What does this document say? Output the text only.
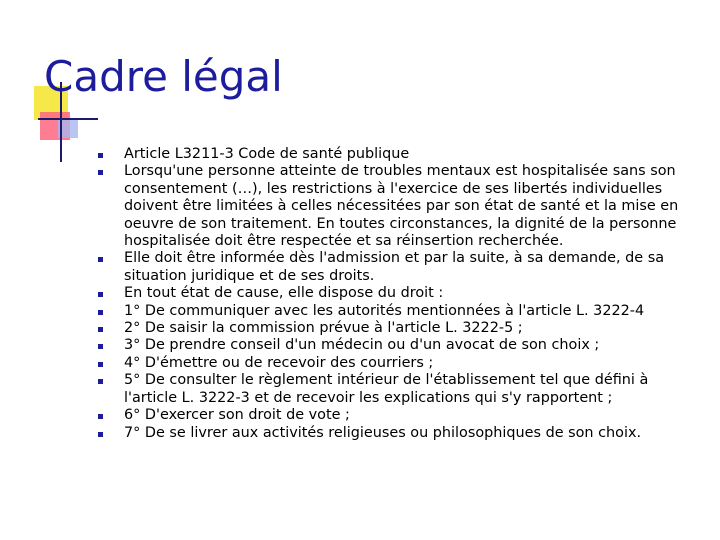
Cadre légal
Article L3211-3 Code de santé publique
Lorsqu'une personne atteinte de troubles mentaux est hospitalisée sans son consentement (…), les restrictions à l'exercice de ses libertés individuelles doivent être limitées à celles nécessitées par son état de santé et la mise en oeuvre de son traitement. En toutes circonstances, la dignité de la personne hospitalisée doit être respectée et sa réinsertion recherchée.
Elle doit être informée dès l'admission et par la suite, à sa demande, de sa situation juridique et de ses droits.
En tout état de cause, elle dispose du droit :
1° De communiquer avec les autorités mentionnées à l'article L. 3222-4
2° De saisir la commission prévue à l'article L. 3222-5 ;
3° De prendre conseil d'un médecin ou d'un avocat de son choix ;
4° D'émettre ou de recevoir des courriers ;
5° De consulter le règlement intérieur de l'établissement tel que défini à l'article L. 3222-3 et de recevoir les explications qui s'y rapportent ;
6° D'exercer son droit de vote ;
7° De se livrer aux activités religieuses ou philosophiques de son choix.
